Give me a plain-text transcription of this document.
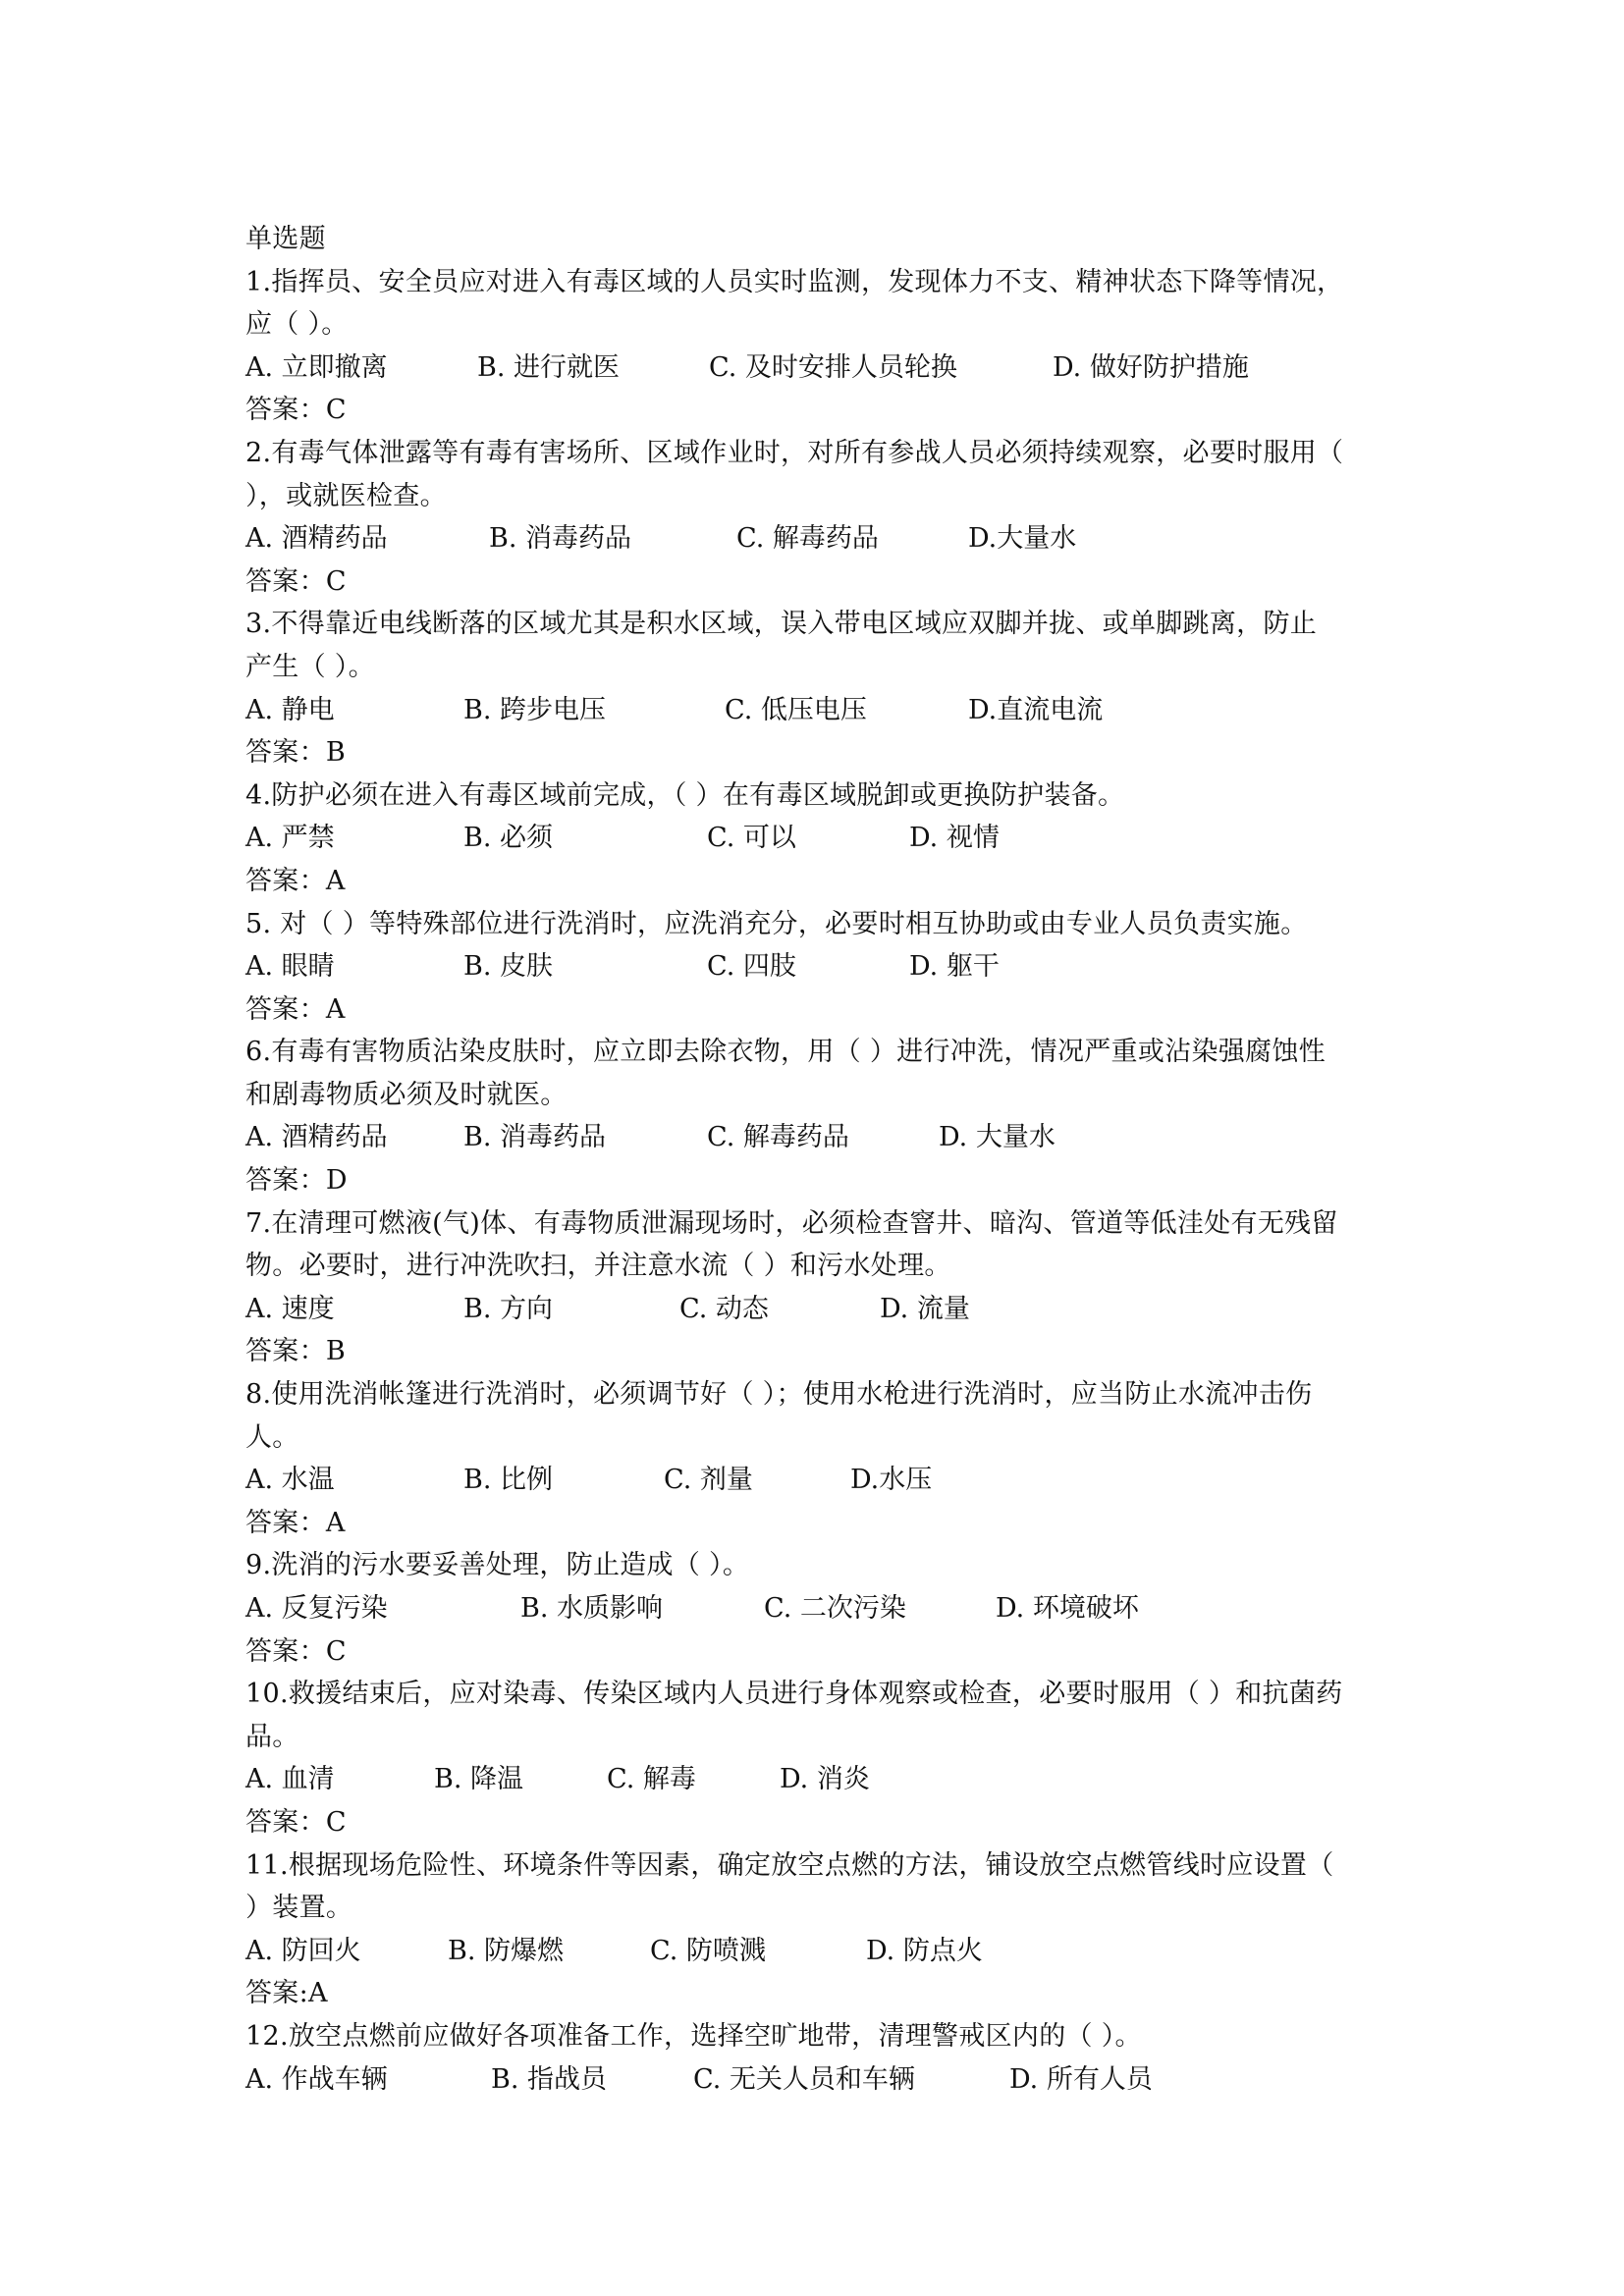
单选题
1.指挥员、安全员应对进入有毒区域的人员实时监测，发现体力不支、精神状态下降等情况，
应（ ）。
A. 立即撤离	B. 进行就医	C. 及时安排人员轮换	D. 做好防护措施
答案：C
2.有毒气体泄露等有毒有害场所、区域作业时，对所有参战人员必须持续观察，必要时服用（
），或就医检查。
A. 酒精药品	B. 消毒药品	C. 解毒药品	D.大量水
答案：C
3.不得靠近电线断落的区域尤其是积水区域，误入带电区域应双脚并拢、或单脚跳离，防止
产生（ ）。
A. 静电	B. 跨步电压	C. 低压电压	D.直流电流
答案：B
4.防护必须在进入有毒区域前完成，（ ）在有毒区域脱卸或更换防护装备。
A. 严禁	B. 必须	C. 可以	D. 视情
答案：A
5. 对（ ）等特殊部位进行洗消时，应洗消充分，必要时相互协助或由专业人员负责实施。
A. 眼睛	B. 皮肤	C. 四肢	D. 躯干
答案：A
6.有毒有害物质沾染皮肤时，应立即去除衣物，用（ ）进行冲洗，情况严重或沾染强腐蚀性
和剧毒物质必须及时就医。
A. 酒精药品	B. 消毒药品	C. 解毒药品	D. 大量水
答案：D
7.在清理可燃液(气)体、有毒物质泄漏现场时，必须检查窨井、暗沟、管道等低洼处有无残留
物。必要时，进行冲洗吹扫，并注意水流（ ）和污水处理。
A. 速度	B. 方向	C. 动态	D. 流量
答案：B
8.使用洗消帐篷进行洗消时，必须调节好（ ）；使用水枪进行洗消时，应当防止水流冲击伤
人。
A. 水温	B. 比例	C. 剂量	D.水压
答案：A
9.洗消的污水要妥善处理，防止造成（ ）。
A. 反复污染	B. 水质影响	C. 二次污染	D. 环境破坏
答案：C
10.救援结束后，应对染毒、传染区域内人员进行身体观察或检查，必要时服用（ ）和抗菌药
品。
A. 血清	B. 降温	C. 解毒	D. 消炎
答案：C
11.根据现场危险性、环境条件等因素，确定放空点燃的方法，铺设放空点燃管线时应设置（
）装置。
A. 防回火	B. 防爆燃	C. 防喷溅	D. 防点火
答案:A
12.放空点燃前应做好各项准备工作，选择空旷地带，清理警戒区内的（ ）。
A. 作战车辆	B. 指战员	C. 无关人员和车辆	D. 所有人员
